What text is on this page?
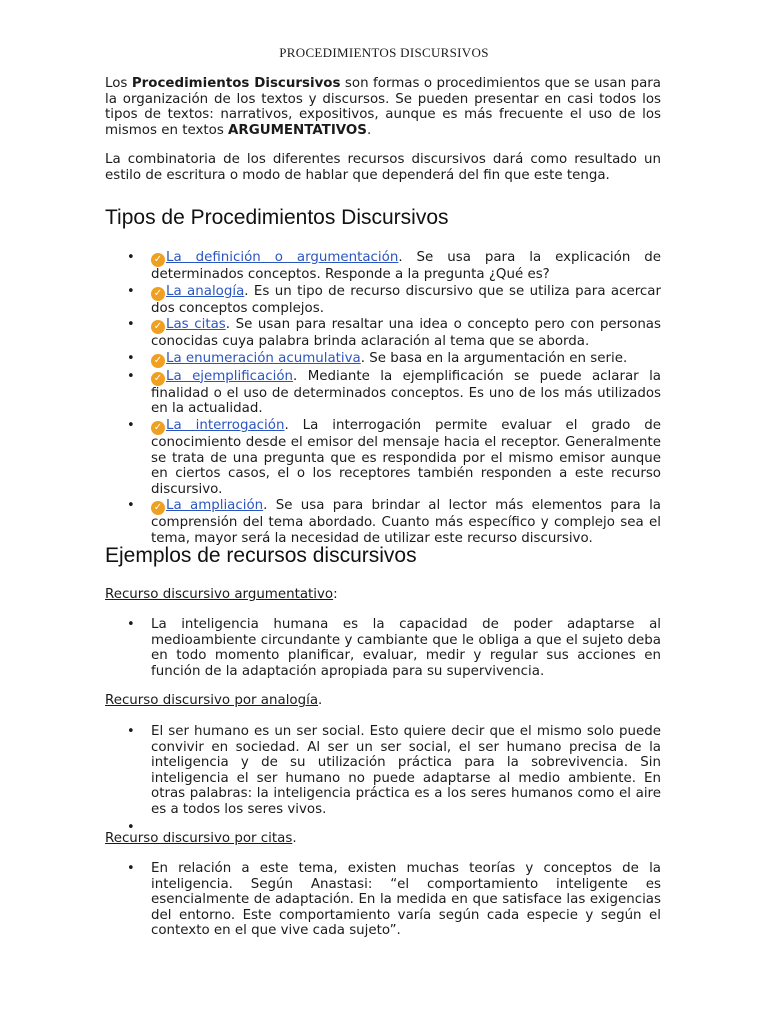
PROCEDIMIENTOS DISCURSIVOS
Los Procedimientos Discursivos son formas o procedimientos que se usan para la organización de los textos y discursos. Se pueden presentar en casi todos los tipos de textos: narrativos, expositivos, aunque es más frecuente el uso de los mismos en textos ARGUMENTATIVOS.
La combinatoria de los diferentes recursos discursivos dará como resultado un estilo de escritura o modo de hablar que dependerá del fin que este tenga.
Tipos de Procedimientos Discursivos
• ✓ La definición o argumentación. Se usa para la explicación de determinados conceptos. Responde a la pregunta ¿Qué es?
• ✓ La analogía. Es un tipo de recurso discursivo que se utiliza para acercar dos conceptos complejos.
• ✓ Las citas. Se usan para resaltar una idea o concepto pero con personas conocidas cuya palabra brinda aclaración al tema que se aborda.
• ✓ La enumeración acumulativa. Se basa en la argumentación en serie.
• ✓ La ejemplificación. Mediante la ejemplificación se puede aclarar la finalidad o el uso de determinados conceptos. Es uno de los más utilizados en la actualidad.
• ✓ La interrogación. La interrogación permite evaluar el grado de conocimiento desde el emisor del mensaje hacia el receptor. Generalmente se trata de una pregunta que es respondida por el mismo emisor aunque en ciertos casos, el o los receptores también responden a este recurso discursivo.
• ✓ La ampliación. Se usa para brindar al lector más elementos para la comprensión del tema abordado. Cuanto más específico y complejo sea el tema, mayor será la necesidad de utilizar este recurso discursivo.
Ejemplos de recursos discursivos
Recurso discursivo argumentativo:
• La inteligencia humana es la capacidad de poder adaptarse al medioambiente circundante y cambiante que le obliga a que el sujeto deba en todo momento planificar, evaluar, medir y regular sus acciones en función de la adaptación apropiada para su supervivencia.
Recurso discursivo por analogía.
• El ser humano es un ser social. Esto quiere decir que el mismo solo puede convivir en sociedad. Al ser un ser social, el ser humano precisa de la inteligencia y de su utilización práctica para la sobrevivencia. Sin inteligencia el ser humano no puede adaptarse al medio ambiente. En otras palabras: la inteligencia práctica es a los seres humanos como el aire es a todos los seres vivos.
•
Recurso discursivo por citas.
• En relación a este tema, existen muchas teorías y conceptos de la inteligencia. Según Anastasi: “el comportamiento inteligente es esencialmente de adaptación. En la medida en que satisface las exigencias del entorno. Este comportamiento varía según cada especie y según el contexto en el que vive cada sujeto”.
